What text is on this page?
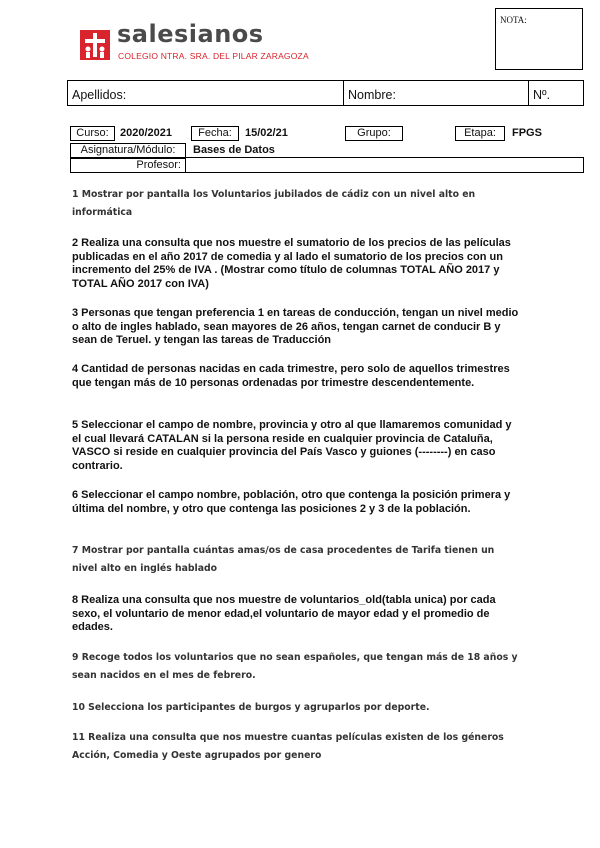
salesianos
COLEGIO NTRA. SRA. DEL PILAR ZARAGOZA
NOTA:
Apellidos:	Nombre:	Nº.
Curso:	2020/2021	Fecha:	15/02/21	Grupo:	Etapa:	FPGS
Asignatura/Módulo:	Bases de Datos
Profesor:
1 Mostrar por pantalla los Voluntarios jubilados de cádiz con un nivel alto en informática
2 Realiza una consulta que nos muestre el sumatorio de los precios de las películas publicadas en el año 2017 de comedia y al lado el sumatorio de los precios con un incremento del 25% de IVA . (Mostrar como título de columnas TOTAL AÑO 2017 y TOTAL AÑO 2017 con IVA)
3 Personas que tengan preferencia 1 en tareas de conducción, tengan un nivel medio o alto de ingles hablado, sean mayores de 26 años, tengan carnet de conducir B y sean de Teruel. y tengan las tareas de Traducción
4 Cantidad de personas nacidas en cada trimestre, pero solo de aquellos trimestres que tengan más de 10 personas ordenadas por trimestre descendentemente.
5 Seleccionar el campo de nombre, provincia y otro al que llamaremos comunidad y el cual llevará CATALAN si la persona reside en cualquier provincia de Cataluña, VASCO si reside en cualquier provincia del País Vasco y guiones (--------) en caso contrario.
6 Seleccionar el campo nombre, población, otro que contenga la posición primera y última del nombre, y otro que contenga las posiciones 2 y 3 de la población.
7 Mostrar por pantalla cuántas amas/os de casa procedentes de Tarifa tienen un nivel alto en inglés hablado
8 Realiza una consulta que nos muestre de voluntarios_old(tabla unica) por cada sexo, el voluntario de menor edad,el voluntario de mayor edad y el promedio de edades.
9 Recoge todos los voluntarios que no sean españoles, que tengan más de 18 años y sean nacidos en el mes de febrero.
10 Selecciona los participantes de burgos y agruparlos por deporte.
11 Realiza una consulta que nos muestre cuantas películas existen de los géneros Acción, Comedia y Oeste agrupados por genero
